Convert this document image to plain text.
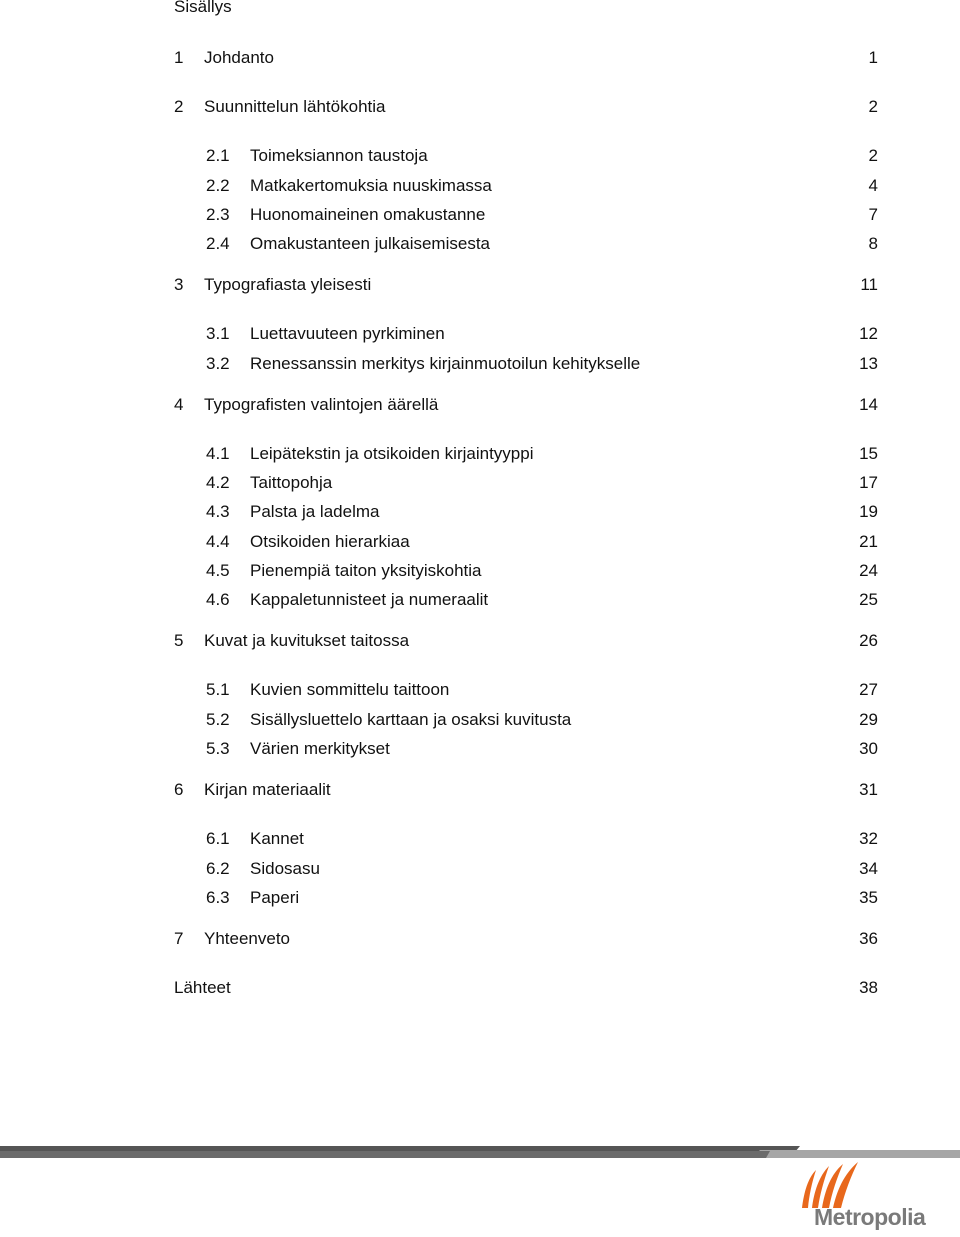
Sisällys
1 Johdanto	1
2 Suunnittelun lähtökohtia	2
2.1 Toimeksiannon taustoja	2
2.2 Matkakertomuksia nuuskimassa	4
2.3 Huonomaineinen omakustanne	7
2.4 Omakustanteen julkaisemisesta	8
3 Typografiasta yleisesti	11
3.1 Luettavuuteen pyrkiminen	12
3.2 Renessanssin merkitys kirjainmuotoilun kehitykselle	13
4 Typografisten valintojen äärellä	14
4.1 Leipätekstin ja otsikoiden kirjaintyyppi	15
4.2 Taittopohja	17
4.3 Palsta ja ladelma	19
4.4 Otsikoiden hierarkiaa	21
4.5 Pienempiä taiton yksityiskohtia	24
4.6 Kappaletunnisteet ja numeraalit	25
5 Kuvat ja kuvitukset taitossa	26
5.1 Kuvien sommittelu taittoon	27
5.2 Sisällysluettelo karttaan ja osaksi kuvitusta	29
5.3 Värien merkitykset	30
6 Kirjan materiaalit	31
6.1 Kannet	32
6.2 Sidosasu	34
6.3 Paperi	35
7 Yhteenveto	36
Lähteet	38
Metropolia
